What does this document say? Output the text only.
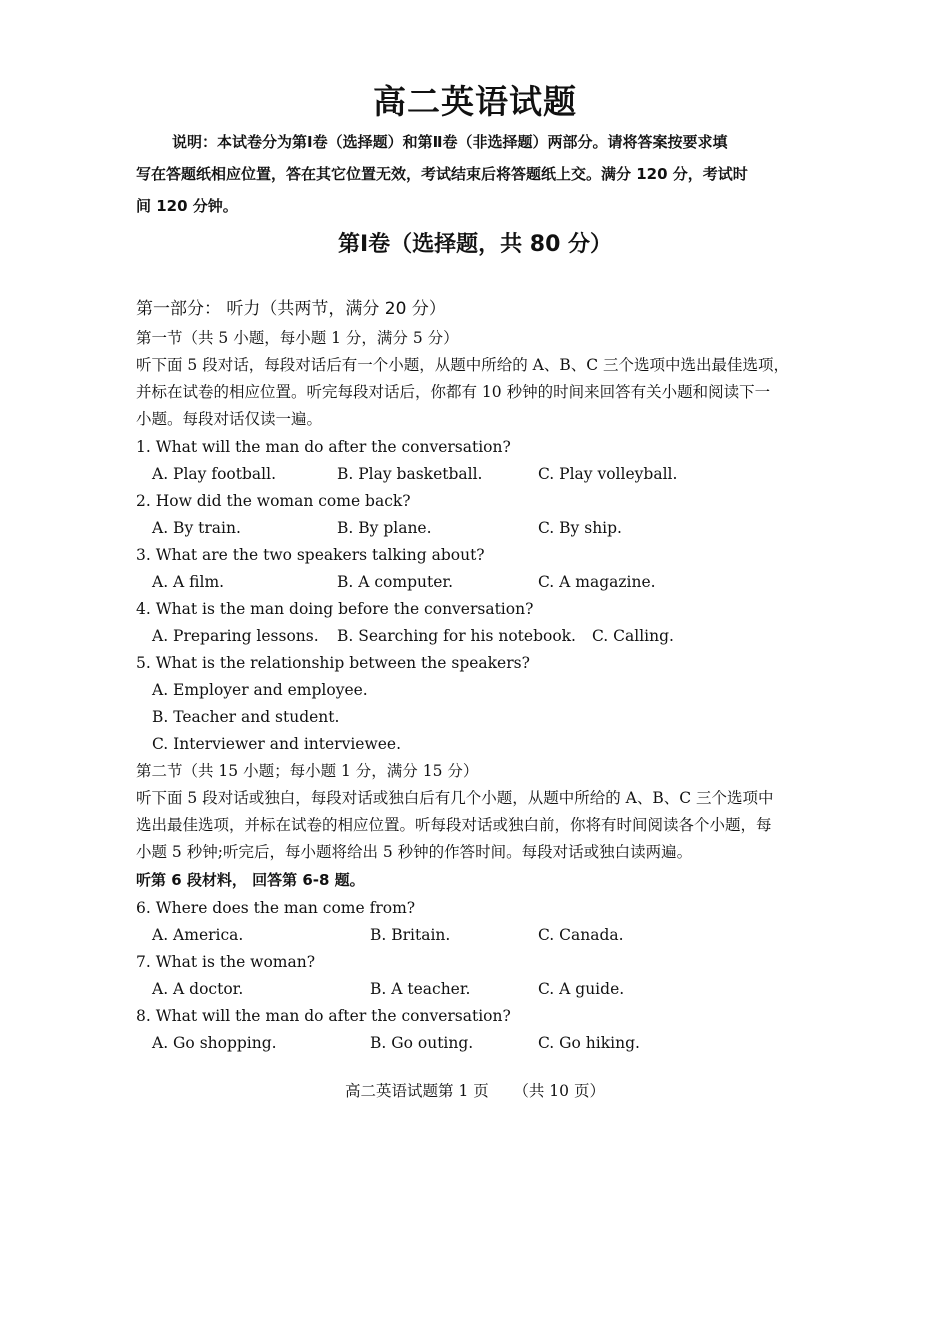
高二英语试题
说明：本试卷分为第Ⅰ卷（选择题）和第Ⅱ卷（非选择题）两部分。请将答案按要求填
写在答题纸相应位置，答在其它位置无效，考试结束后将答题纸上交。满分 120 分，考试时
间 120 分钟。
第Ⅰ卷（选择题，共 80 分）
第一部分： 听力（共两节，满分 20 分）
第一节（共 5 小题，每小题 1 分，满分 5 分）
听下面 5 段对话，每段对话后有一个小题，从题中所给的 A、B、C 三个选项中选出最佳选项，
并标在试卷的相应位置。听完每段对话后，你都有 10 秒钟的时间来回答有关小题和阅读下一
小题。每段对话仅读一遍。
1. What will the man do after the conversation?
A. Play football.	B. Play basketball.	C. Play volleyball.
2. How did the woman come back?
A. By train.	B. By plane.	C. By ship.
3. What are the two speakers talking about?
A. A film.	B. A computer.	C. A magazine.
4. What is the man doing before the conversation?
A. Preparing lessons. B. Searching for his notebook. C. Calling.
5. What is the relationship between the speakers?
A. Employer and employee.
B. Teacher and student.
C. Interviewer and interviewee.
第二节（共 15 小题；每小题 1 分，满分 15 分）
听下面 5 段对话或独白，每段对话或独白后有几个小题，从题中所给的 A、B、C 三个选项中
选出最佳选项，并标在试卷的相应位置。听每段对话或独白前，你将有时间阅读各个小题，每
小题 5 秒钟;听完后，每小题将给出 5 秒钟的作答时间。每段对话或独白读两遍。
听第 6 段材料， 回答第 6-8 题。
6. Where does the man come from?
A. America.	B. Britain.	C. Canada.
7. What is the woman?
A. A doctor.	B. A teacher.	C. A guide.
8. What will the man do after the conversation?
A. Go shopping.	B. Go outing.	C. Go hiking.
高二英语试题第 1 页     （共 10 页）
